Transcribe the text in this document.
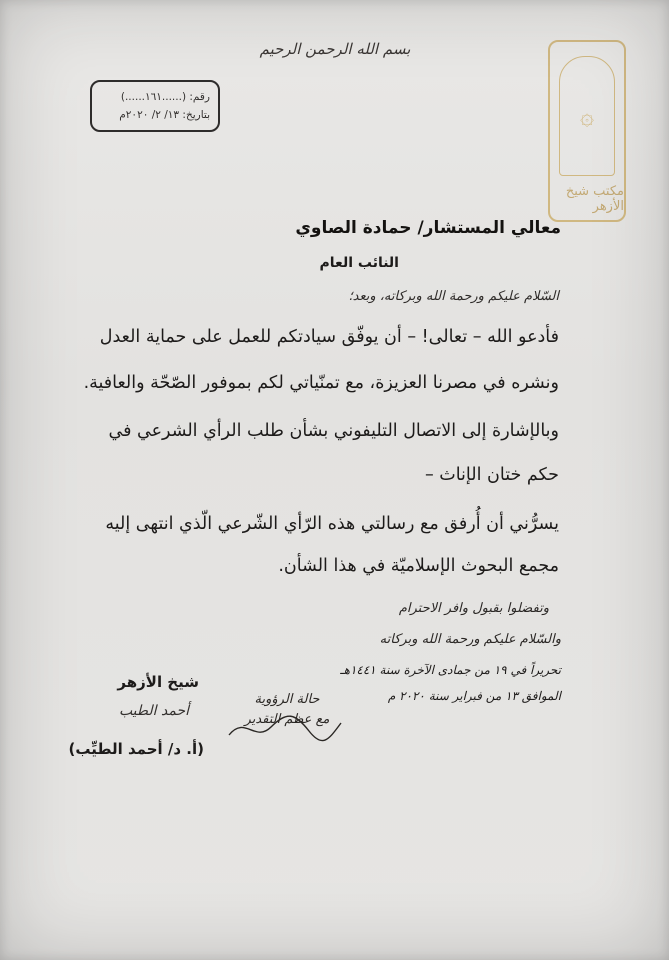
۞
مكتب شيخ الأزهر
بسم الله الرحمن الرحيم
رقم: (......١٦١......)
بتاريخ: ١٣/ ٢/ ٢٠٢٠م
معالي المستشار/ حمادة الصاوي
النائب العام
السّلام عليكم ورحمة الله وبركاته، وبعد؛
فأدعو الله – تعالى! – أن يوفّق سيادتكم للعمل على حماية العدل
ونشره في مصرنا العزيزة، مع تمنّياتي لكم بموفور الصّحّة والعافية.
وبالإشارة إلى الاتصال التليفوني بشأن طلب الرأي الشرعي في
حكم ختان الإناث –
يسرُّني أن أُرفق مع رسالتي هذه الرّأي الشّرعي الّذي انتهى إليه
مجمع البحوث الإسلاميّة في هذا الشأن.
وتفضلوا بقبول وافر الاحترام
والسّلام عليكم ورحمة الله وبركاته
تحريراً في ١٩ من جمادى الآخرة سنة ١٤٤١هـ
الموافق ١٣ من فبراير سنة ٢٠٢٠ م
شيخ الأزهر
أحمد الطيب
(أ. د/ أحمد الطيِّب)
حالة الرؤوية
مع عظم التقدير
